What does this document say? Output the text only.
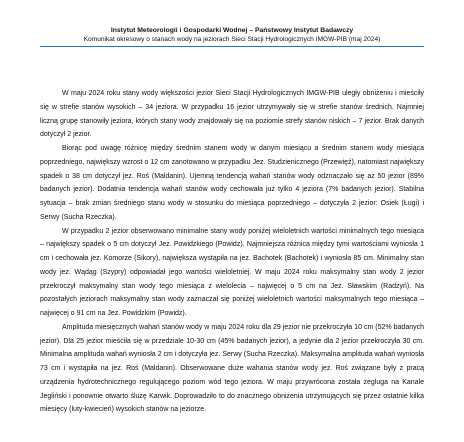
Instytut Meteorologii i Gospodarki Wodnej – Państwowy Instytut Badawczy
Komunikat okresowy o stanach wody na jeziorach Sieci Stacji Hydrologicznych IMGW-PIB (maj 2024)

W maju 2024 roku stany wody większości jezior Sieci Stacji Hydrologicznych IMGW-PIB uległy obniżeniu i mieściły się w strefie stanów wysokich – 34 jeziora. W przypadku 16 jezior utrzymywały się w strefie stanów średnich. Najmniej liczną grupę stanowiły jeziora, których stany wody znajdowały się na poziomie strefy stanów niskich – 7 jezior. Brak danych dotyczył 2 jezior.

Biorąc pod uwagę różnicę między średnim stanem wody w danym miesiącu a średnim stanem wody miesiąca poprzedniego, największy wzrost o 12 cm zanotowano w przypadku Jez. Studzienicznego (Przewięź), natomiast największy spadek o 38 cm dotyczył jez. Roś (Maldanin). Ujemną tendencją wahań stanów wody odznaczało się aż 50 jezior (89% badanych jezior). Dodatnia tendencja wahań stanów wody cechowała już tylko 4 jeziora (7% badanych jezior). Stabilna sytuacja – brak zmian średniego stanu wody w stosunku do miesiąca poprzedniego – dotyczyła 2 jezior: Osiek (Ługi) i Serwy (Sucha Rzeczka).

W przypadku 2 jezior obserwowano minimalne stany wody poniżej wieloletnich wartości minimalnych tego miesiąca – największy spadek o 5 cm dotyczył Jez. Powidzkiego (Powidz). Najmniejsza różnica między tymi wartościami wyniosła 1 cm i cechowała jez. Komorze (Sikory), największa wystąpiła na jez. Bachotek (Bachotek) i wyniosła 85 cm. Minimalny stan wody jez. Wądąg (Szypry) odpowiadał jego wartości wieloletniej. W maju 2024 roku maksymalny stan wody 2 jezior przekroczył maksymalny stan wody tego miesiąca z wielolecia – najwięcej o 5 cm na Jez. Sławskim (Radzyń). Na pozostałych jeziorach maksymalny stan wody zaznaczał się poniżej wieloletnich wartości maksymalnych tego miesiąca – najwięcej o 91 cm na Jez. Powidzkim (Powidz).

Amplituda miesięcznych wahań stanów wody w maju 2024 roku dla 29 jezior nie przekroczyła 10 cm (52% badanych jezior). Dla 25 jezior mieściła się w przedziale 10-30 cm (45% badanych jezior), a jedynie dla 2 jezior przekroczyła 30 cm. Minimalna amplituda wahań wyniosła 2 cm i dotyczyła jez. Serwy (Sucha Rzeczka). Maksymalna amplituda wahań wyniosła 73 cm i wystąpiła na jez. Roś (Maldanin). Obserwowane duże wahania stanów wody jez. Roś związane były z pracą urządzenia hydrotechnicznego regulującego poziom wód tego jeziora. W maju przywrócona została żegluga na Kanale Jegliński i ponownie otwarto śluzę Karwik. Doprowadziło to do znacznego obniżenia utrzymujących się przez ostatnie kilka miesięcy (luty-kwiecień) wysokich stanów na jeziorze.
